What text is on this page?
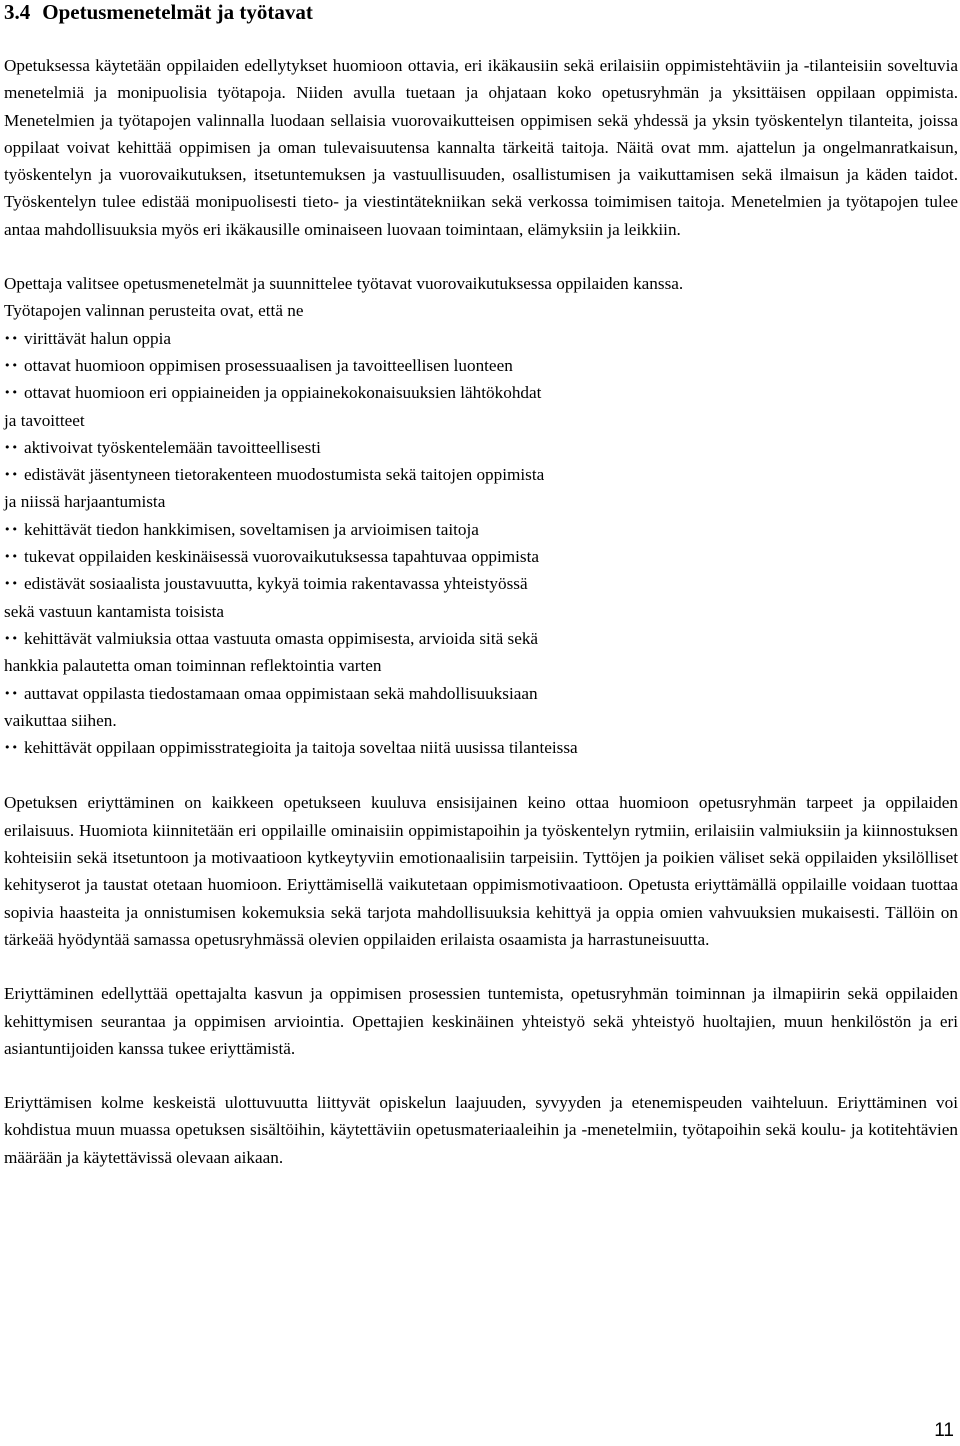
3.4 Opetusmenetelmät ja työtavat

Opetuksessa käytetään oppilaiden edellytykset huomioon ottavia, eri ikäkausiin sekä erilaisiin oppimistehtäviin ja -tilanteisiin soveltuvia menetelmiä ja monipuolisia työtapoja. Niiden avulla tuetaan ja ohjataan koko opetusryhmän ja yksittäisen oppilaan oppimista. Menetelmien ja työtapojen valinnalla luodaan sellaisia vuorovaikutteisen oppimisen sekä yhdessä ja yksin työskentelyn tilanteita, joissa oppilaat voivat kehittää oppimisen ja oman tulevaisuutensa kannalta tärkeitä taitoja. Näitä ovat mm. ajattelun ja ongelmanratkaisun, työskentelyn ja vuorovaikutuksen, itsetuntemuksen ja vastuullisuuden, osallistumisen ja vaikuttamisen sekä ilmaisun ja käden taidot. Työskentelyn tulee edistää monipuolisesti tieto- ja viestintätekniikan sekä verkossa toimimisen taitoja. Menetelmien ja työtapojen tulee antaa mahdollisuuksia myös eri ikäkausille ominaiseen luovaan toimintaan, elämyksiin ja leikkiin.

Opettaja valitsee opetusmenetelmät ja suunnittelee työtavat vuorovaikutuksessa oppilaiden kanssa.

Työtapojen valinnan perusteita ovat, että ne

•• virittävät halun oppia
•• ottavat huomioon oppimisen prosessuaalisen ja tavoitteellisen luonteen
•• ottavat huomioon eri oppiaineiden ja oppiainekokonaisuuksien lähtökohdat
ja tavoitteet
•• aktivoivat työskentelemään tavoitteellisesti
•• edistävät jäsentyneen tietorakenteen muodostumista sekä taitojen oppimista
ja niissä harjaantumista
•• kehittävät tiedon hankkimisen, soveltamisen ja arvioimisen taitoja
•• tukevat oppilaiden keskinäisessä vuorovaikutuksessa tapahtuvaa oppimista
•• edistävät sosiaalista joustavuutta, kykyä toimia rakentavassa yhteistyössä
sekä vastuun kantamista toisista
•• kehittävät valmiuksia ottaa vastuuta omasta oppimisesta, arvioida sitä sekä
hankkia palautetta oman toiminnan reflektointia varten
•• auttavat oppilasta tiedostamaan omaa oppimistaan sekä mahdollisuuksiaan
vaikuttaa siihen.
•• kehittävät oppilaan oppimisstrategioita ja taitoja soveltaa niitä uusissa tilanteissa

Opetuksen eriyttäminen on kaikkeen opetukseen kuuluva ensisijainen keino ottaa huomioon opetusryhmän tarpeet ja oppilaiden erilaisuus. Huomiota kiinnitetään eri oppilaille ominaisiin oppimistapoihin ja työskentelyn rytmiin, erilaisiin valmiuksiin ja kiinnostuksen kohteisiin sekä itsetuntoon ja motivaatioon kytkeytyviin emotionaalisiin tarpeisiin. Tyttöjen ja poikien väliset sekä oppilaiden yksilölliset kehityserot ja taustat otetaan huomioon. Eriyttämisellä vaikutetaan oppimismotivaatioon. Opetusta eriyttämällä oppilaille voidaan tuottaa sopivia haasteita ja onnistumisen kokemuksia sekä tarjota mahdollisuuksia kehittyä ja oppia omien vahvuuksien mukaisesti. Tällöin on tärkeää hyödyntää samassa opetusryhmässä olevien oppilaiden erilaista osaamista ja harrastuneisuutta.

Eriyttäminen edellyttää opettajalta kasvun ja oppimisen prosessien tuntemista, opetusryhmän toiminnan ja ilmapiirin sekä oppilaiden kehittymisen seurantaa ja oppimisen arviointia. Opettajien keskinäinen yhteistyö sekä yhteistyö huoltajien, muun henkilöstön ja eri asiantuntijoiden kanssa tukee eriyttämistä.

Eriyttämisen kolme keskeistä ulottuvuutta liittyvät opiskelun laajuuden, syvyyden ja etenemispeuden vaihteluun. Eriyttäminen voi kohdistua muun muassa opetuksen sisältöihin, käytettäviin opetusmateriaaleihin ja -menetelmiin, työtapoihin sekä koulu- ja kotitehtävien määrään ja käytettävissä olevaan aikaan.

11
